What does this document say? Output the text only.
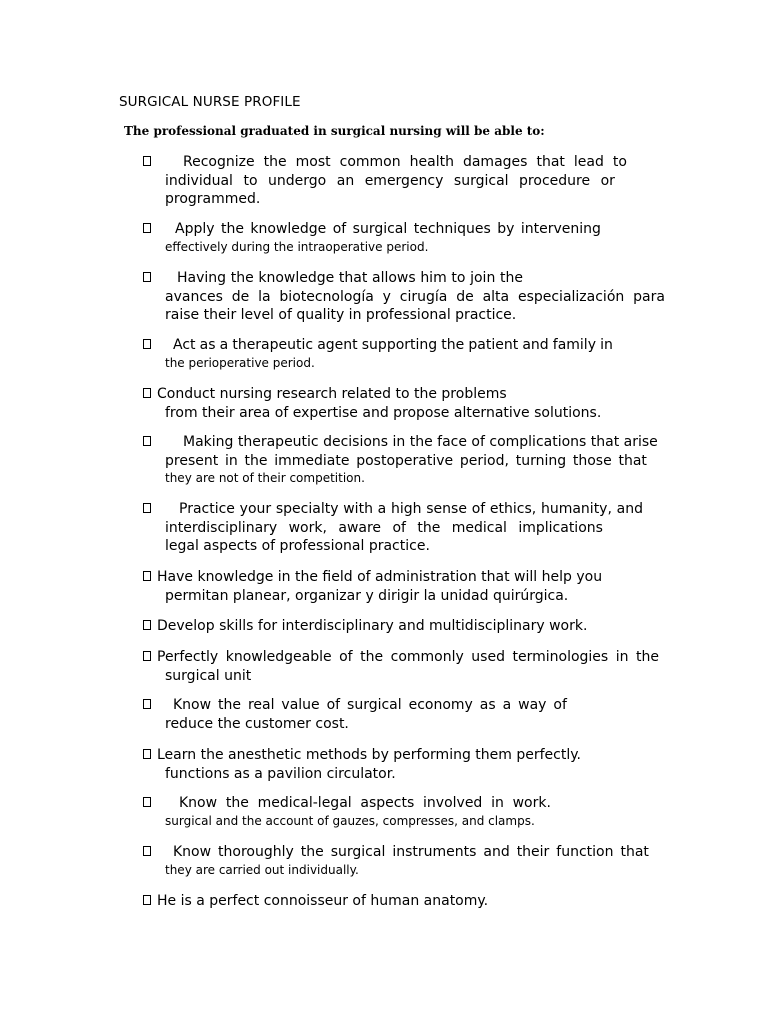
SURGICAL NURSE PROFILE
The professional graduated in surgical nursing will be able to:
Recognize the most common health damages that lead to
individual to undergo an emergency surgical procedure or
programmed.
Apply the knowledge of surgical techniques by intervening
effectively during the intraoperative period.
Having the knowledge that allows him to join the
avances de la biotecnología y cirugía de alta especialización para
raise their level of quality in professional practice.
Act as a therapeutic agent supporting the patient and family in
the perioperative period.
Conduct nursing research related to the problems
from their area of expertise and propose alternative solutions.
Making therapeutic decisions in the face of complications that arise
present in the immediate postoperative period, turning those that
they are not of their competition.
Practice your specialty with a high sense of ethics, humanity, and
interdisciplinary work, aware of the medical implications
legal aspects of professional practice.
Have knowledge in the field of administration that will help you
permitan planear, organizar y dirigir la unidad quirúrgica.
Develop skills for interdisciplinary and multidisciplinary work.
Perfectly knowledgeable of the commonly used terminologies in the
surgical unit
Know the real value of surgical economy as a way of
reduce the customer cost.
Learn the anesthetic methods by performing them perfectly.
functions as a pavilion circulator.
Know the medical-legal aspects involved in work.
surgical and the account of gauzes, compresses, and clamps.
Know thoroughly the surgical instruments and their function that
they are carried out individually.
He is a perfect connoisseur of human anatomy.
